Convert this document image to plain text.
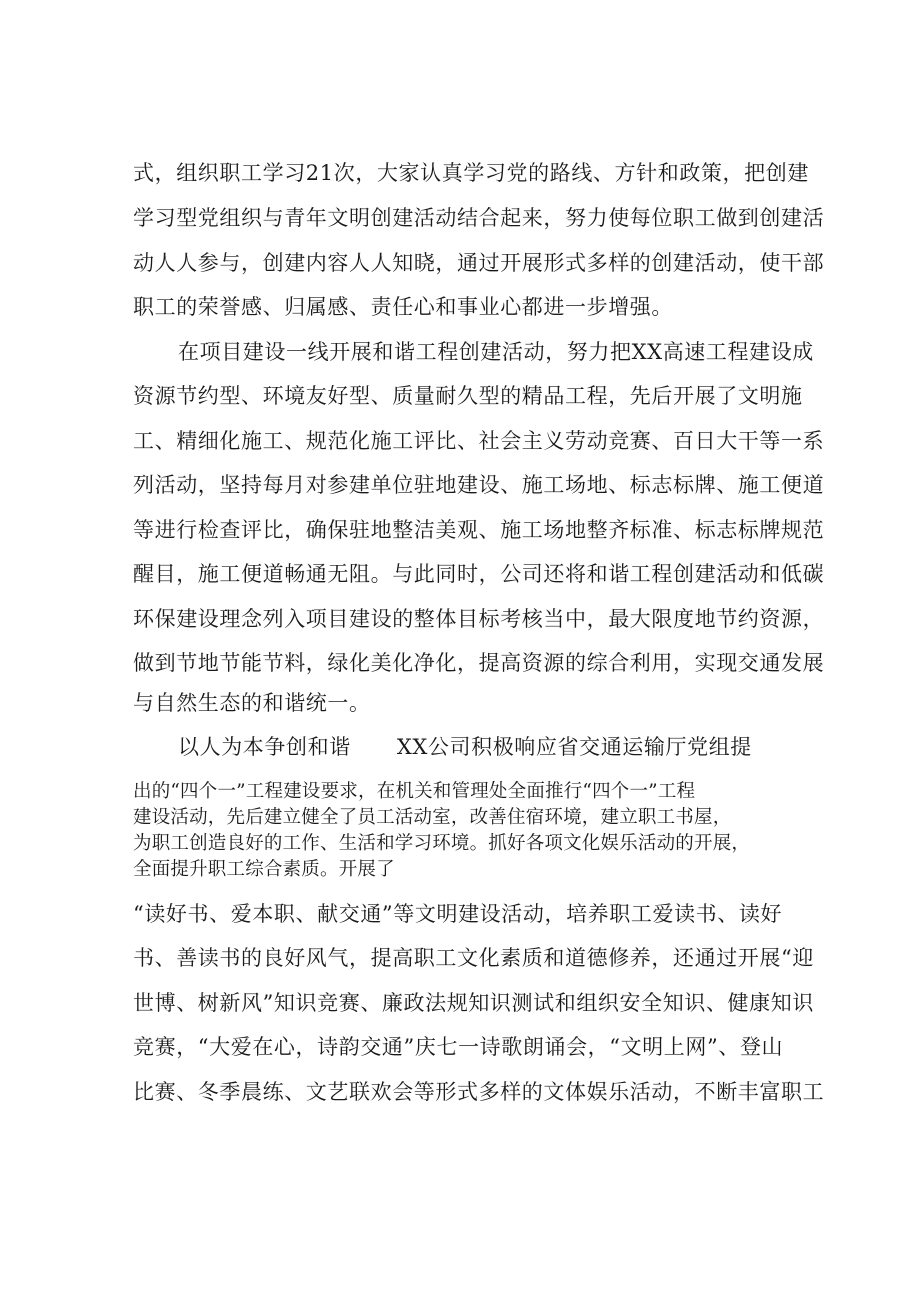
式，组织职工学习21次，大家认真学习党的路线、方针和政策，把创建
学习型党组织与青年文明创建活动结合起来，努力使每位职工做到创建活
动人人参与，创建内容人人知晓，通过开展形式多样的创建活动，使干部
职工的荣誉感、归属感、责任心和事业心都进一步增强。
在项目建设一线开展和谐工程创建活动，努力把XX高速工程建设成
资源节约型、环境友好型、质量耐久型的精品工程，先后开展了文明施
工、精细化施工、规范化施工评比、社会主义劳动竞赛、百日大干等一系
列活动，坚持每月对参建单位驻地建设、施工场地、标志标牌、施工便道
等进行检查评比，确保驻地整洁美观、施工场地整齐标准、标志标牌规范
醒目，施工便道畅通无阻。与此同时，公司还将和谐工程创建活动和低碳
环保建设理念列入项目建设的整体目标考核当中，最大限度地节约资源，
做到节地节能节料，绿化美化净化，提高资源的综合利用，实现交通发展
与自然生态的和谐统一。
以人为本争创和谐 XX公司积极响应省交通运输厅党组提
出的“四个一”工程建设要求，在机关和管理处全面推行“四个一”工程
建设活动，先后建立健全了员工活动室，改善住宿环境，建立职工书屋，
为职工创造良好的工作、生活和学习环境。抓好各项文化娱乐活动的开展，
全面提升职工综合素质。开展了
“读好书、爱本职、献交通”等文明建设活动，培养职工爱读书、读好
书、善读书的良好风气，提高职工文化素质和道德修养，还通过开展“迎
世博、树新风”知识竞赛、廉政法规知识测试和组织安全知识、健康知识
竞赛，“大爱在心，诗韵交通”庆七一诗歌朗诵会，“文明上网”、登山
比赛、冬季晨练、文艺联欢会等形式多样的文体娱乐活动，不断丰富职工
